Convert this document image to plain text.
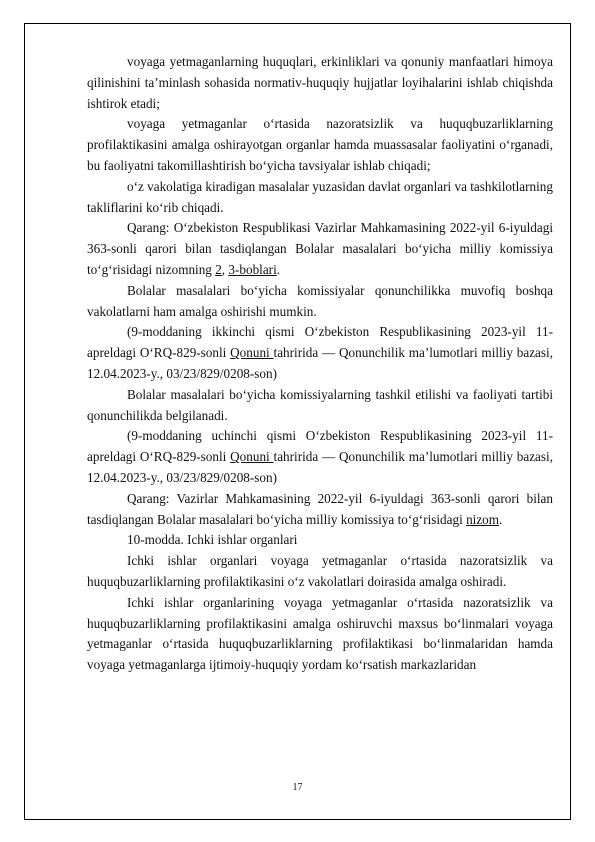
voyaga yetmaganlarning huquqlari, erkinliklari va qonuniy manfaatlari himoya qilinishini ta’minlash sohasida normativ-huquqiy hujjatlar loyihalarini ishlab chiqishda ishtirok etadi;

voyaga yetmaganlar o‘rtasida nazoratsizlik va huquqbuzarliklarning profilaktikasini amalga oshirayotgan organlar hamda muassasalar faoliyatini o‘rganadi, bu faoliyatni takomillashtirish bo‘yicha tavsiyalar ishlab chiqadi;

o‘z vakolatiga kiradigan masalalar yuzasidan davlat organlari va tashkilotlarning takliflarini ko‘rib chiqadi.

Qarang: O‘zbekiston Respublikasi Vazirlar Mahkamasining 2022-yil 6-iyuldagi 363-sonli qarori bilan tasdiqlangan Bolalar masalalari bo‘yicha milliy komissiya to‘g‘risidagi nizomning 2, 3-boblari.

Bolalar masalalari bo‘yicha komissiyalar qonunchilikka muvofiq boshqa vakolatlarni ham amalga oshirishi mumkin.

(9-moddaning ikkinchi qismi O‘zbekiston Respublikasining 2023-yil 11-apreldagi O‘RQ-829-sonli Qonuni tahririda — Qonunchilik ma’lumotlari milliy bazasi, 12.04.2023-y., 03/23/829/0208-son)

Bolalar masalalari bo‘yicha komissiyalarning tashkil etilishi va faoliyati tartibi qonunchilikda belgilanadi.

(9-moddaning uchinchi qismi O‘zbekiston Respublikasining 2023-yil 11-apreldagi O‘RQ-829-sonli Qonuni tahririda — Qonunchilik ma’lumotlari milliy bazasi, 12.04.2023-y., 03/23/829/0208-son)

Qarang: Vazirlar Mahkamasining 2022-yil 6-iyuldagi 363-sonli qarori bilan tasdiqlangan Bolalar masalalari bo‘yicha milliy komissiya to‘g‘risidagi nizom.

10-modda. Ichki ishlar organlari

Ichki ishlar organlari voyaga yetmaganlar o‘rtasida nazoratsizlik va huquqbuzarliklarning profilaktikasini o‘z vakolatlari doirasida amalga oshiradi.

Ichki ishlar organlarining voyaga yetmaganlar o‘rtasida nazoratsizlik va huquqbuzarliklarning profilaktikasini amalga oshiruvchi maxsus bo‘linmalari voyaga yetmaganlar o‘rtasida huquqbuzarliklarning profilaktikasi bo‘linmalaridan hamda voyaga yetmaganlarga ijtimoiy-huquqiy yordam ko‘rsatish markazlaridan

17
